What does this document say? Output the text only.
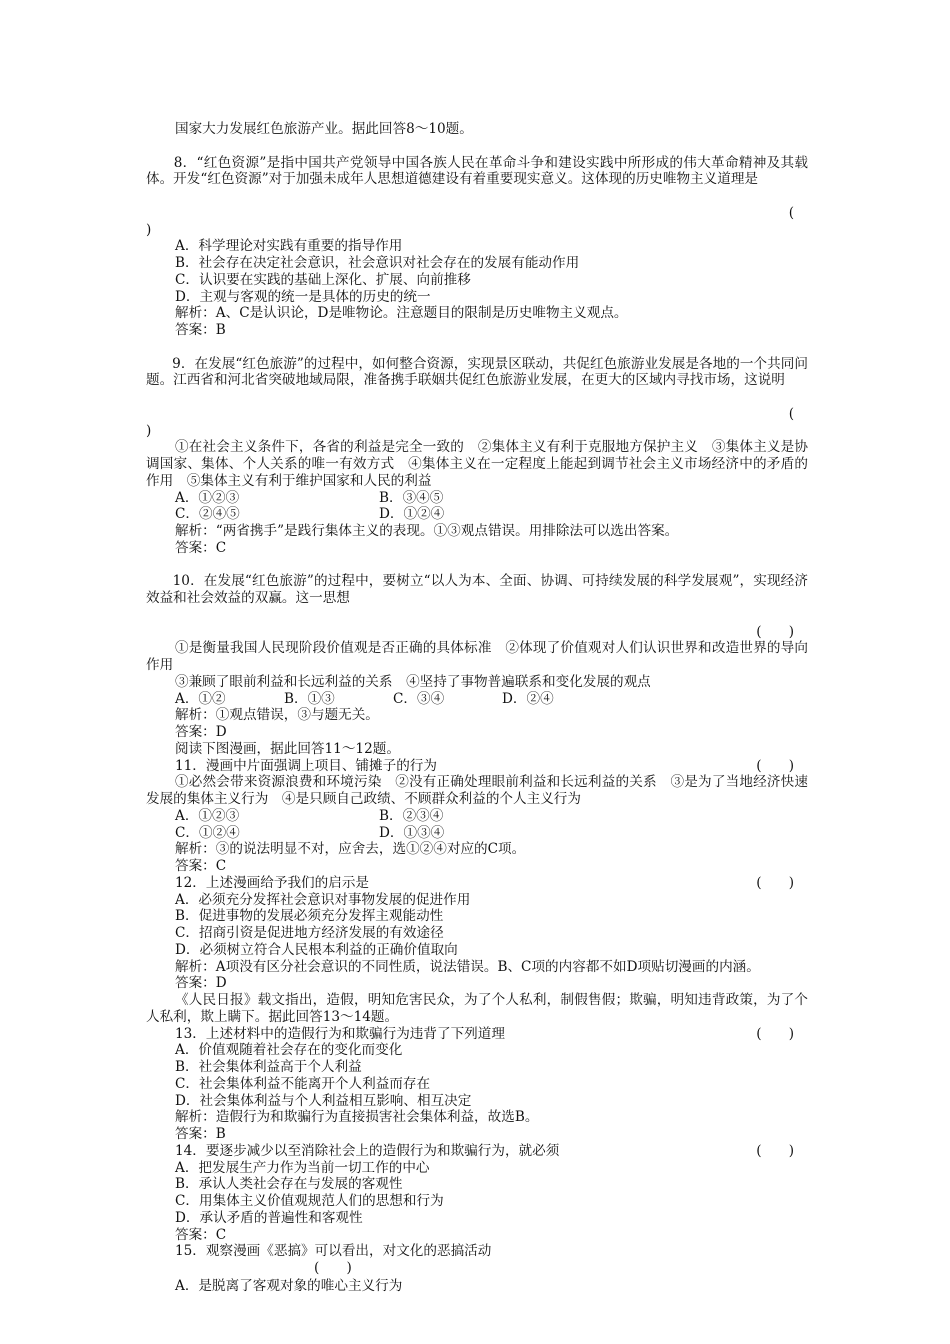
国家大力发展红色旅游产业。据此回答8～10题。

8．“红色资源”是指中国共产党领导中国各族人民在革命斗争和建设实践中所形成的伟大革命精神及其载体。开发“红色资源”对于加强未成年人思想道德建设有着重要现实意义。这体现的历史唯物主义道理是

(

)

A．科学理论对实践有重要的指导作用

B．社会存在决定社会意识，社会意识对社会存在的发展有能动作用

C．认识要在实践的基础上深化、扩展、向前推移

D．主观与客观的统一是具体的历史的统一

解析：A、C是认识论，D是唯物论。注意题目的限制是历史唯物主义观点。

答案：B

9．在发展“红色旅游”的过程中，如何整合资源，实现景区联动，共促红色旅游业发展是各地的一个共同问题。江西省和河北省突破地域局限，准备携手联姻共促红色旅游业发展，在更大的区域内寻找市场，这说明

(

)

①在社会主义条件下，各省的利益是完全一致的　②集体主义有利于克服地方保护主义　③集体主义是协调国家、集体、个人关系的唯一有效方式　④集体主义在一定程度上能起到调节社会主义市场经济中的矛盾的作用　⑤集体主义有利于维护国家和人民的利益

A．①②③	B．③④⑤
C．②④⑤	D．①②④

解析：“两省携手”是践行集体主义的表现。①③观点错误。用排除法可以选出答案。

答案：C

10．在发展“红色旅游”的过程中，要树立“以人为本、全面、协调、可持续发展的科学发展观”，实现经济效益和社会效益的双赢。这一思想

(　　)

①是衡量我国人民现阶段价值观是否正确的具体标准　②体现了价值观对人们认识世界和改造世界的导向作用

③兼顾了眼前利益和长远利益的关系　④坚持了事物普遍联系和变化发展的观点

A．①②	B．①③	C．③④	D．②④

解析：①观点错误，③与题无关。

答案：D

阅读下图漫画，据此回答11～12题。

11．漫画中片面强调上项目、铺摊子的行为	(　　)

①必然会带来资源浪费和环境污染　②没有正确处理眼前利益和长远利益的关系　③是为了当地经济快速发展的集体主义行为　④是只顾自己政绩、不顾群众利益的个人主义行为

A．①②③	B．②③④
C．①②④	D．①③④

解析：③的说法明显不对，应舍去，选①②④对应的C项。

答案：C

12．上述漫画给予我们的启示是	(　　)

A．必须充分发挥社会意识对事物发展的促进作用

B．促进事物的发展必须充分发挥主观能动性

C．招商引资是促进地方经济发展的有效途径

D．必须树立符合人民根本利益的正确价值取向

解析：A项没有区分社会意识的不同性质，说法错误。B、C项的内容都不如D项贴切漫画的内涵。

答案：D

《人民日报》载文指出，造假，明知危害民众，为了个人私利，制假售假；欺骗，明知违背政策，为了个人私利，欺上瞒下。据此回答13～14题。

13．上述材料中的造假行为和欺骗行为违背了下列道理	(　　)

A．价值观随着社会存在的变化而变化

B．社会集体利益高于个人利益

C．社会集体利益不能离开个人利益而存在

D．社会集体利益与个人利益相互影响、相互决定

解析：造假行为和欺骗行为直接损害社会集体利益，故选B。

答案：B

14．要逐步减少以至消除社会上的造假行为和欺骗行为，就必须	(　　)

A．把发展生产力作为当前一切工作的中心

B．承认人类社会存在与发展的客观性

C．用集体主义价值观规范人们的思想和行为

D．承认矛盾的普遍性和客观性

答案：C

15．观察漫画《恶搞》可以看出，对文化的恶搞活动

(　　)

A．是脱离了客观对象的唯心主义行为
